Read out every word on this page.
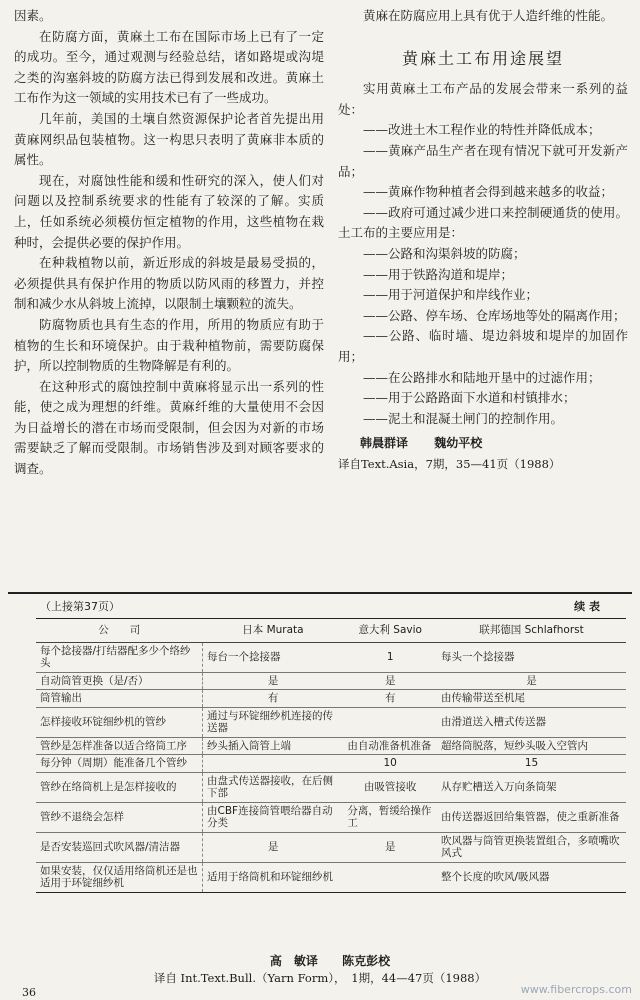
因素。

在防腐方面，黄麻土工布在国际市场上已有了一定的成功。至今，通过观测与经验总结，诸如路堤或沟堤之类的沟塞斜坡的防腐方法已得到发展和改进。黄麻土工布作为这一领域的实用技术已有了一些成功。

几年前，美国的土壤自然资源保护论者首先提出用黄麻网织品包装植物。这一构思只表明了黄麻非本质的属性。

现在，对腐蚀性能和缓和性研究的深入，使人们对问题以及控制系统要求的性能有了较深的了解。实质上，任如系统必须模仿恒定植物的作用，这些植物在栽种时，会提供必要的保护作用。

在种栽植物以前，新近形成的斜坡是最易受损的，必须提供具有保护作用的物质以防风雨的移置力，并控制和减少水从斜坡上流掉，以限制土壤颗粒的流失。

防腐物质也具有生态的作用，所用的物质应有助于植物的生长和环境保护。由于栽种植物前，需要防腐保护，所以控制物质的生物降解是有利的。

在这种形式的腐蚀控制中黄麻将显示出一系列的性能，使之成为理想的纤维。黄麻纤维的大量使用不会因为日益增长的潜在市场而受限制，但会因为对新的市场需要缺乏了解而受限制。市场销售涉及到对顾客要求的调查。

黄麻在防腐应用上具有优于人造纤维的性能。

黄麻土工布用途展望

实用黄麻土工布产品的发展会带来一系列的益处：

——改进土木工程作业的特性并降低成本；

——黄麻产品生产者在现有情况下就可开发新产品；

——黄麻作物种植者会得到越来越多的收益；

——政府可通过减少进口来控制硬通货的使用。土工布的主要应用是：

——公路和沟渠斜坡的防腐；

——用于铁路沟道和堤岸；

——用于河道保护和岸线作业；

——公路、停车场、仓库场地等处的隔离作用；

——公路、临时墙、堤边斜坡和堤岸的加固作用；

——在公路排水和陆地开垦中的过滤作用；

——用于公路路面下水道和村镇排水；

——泥土和混凝土闸门的控制作用。

韩晨群译 魏幼平校

译自Text.Asia，7期，35—41页（1988）

（上接第37页）	续 表
公　　司	日本 Murata	意大利 Savio	联邦德国 Schlafhorst
每个捻接器/打结器配多少个络纱头	每台一个捻接器	1	每头一个捻接器
自动筒管更换（是/否）	是	是	是
筒管输出	有	有	由传输带送至机尾
怎样接收环锭细纱机的管纱	通过与环锭细纱机连接的传送器		由滑道送入槽式传送器
管纱是怎样准备以适合络筒工序	纱头插入筒管上端	由自动准备机准备	超络筒脱落，短纱头吸入空管内
每分钟（周期）能准备几个管纱		10	15
管纱在络筒机上是怎样接收的	由盘式传送器接收，在后侧下部	由吸管接收	从存贮槽送入万向条筒架
管纱不退绕会怎样	由CBF连接筒管喂给器自动分类	分离，暂缓给操作工	由传送器返回给集管器，使之重新准备
是否安装巡回式吹风器/清洁器	是	是	吹风器与筒管更换装置组合，多喷嘴吹风式
如果安装，仅仅适用络筒机还是也适用于环锭细纱机	适用于络筒机和环锭细纱机		整个长度的吹风/吸风器
高　敏译 陈克彭校
译自 Int.Text.Bull.（Yarn Form），　1期，44—47页（1988）
36	www.fibercrops.com
